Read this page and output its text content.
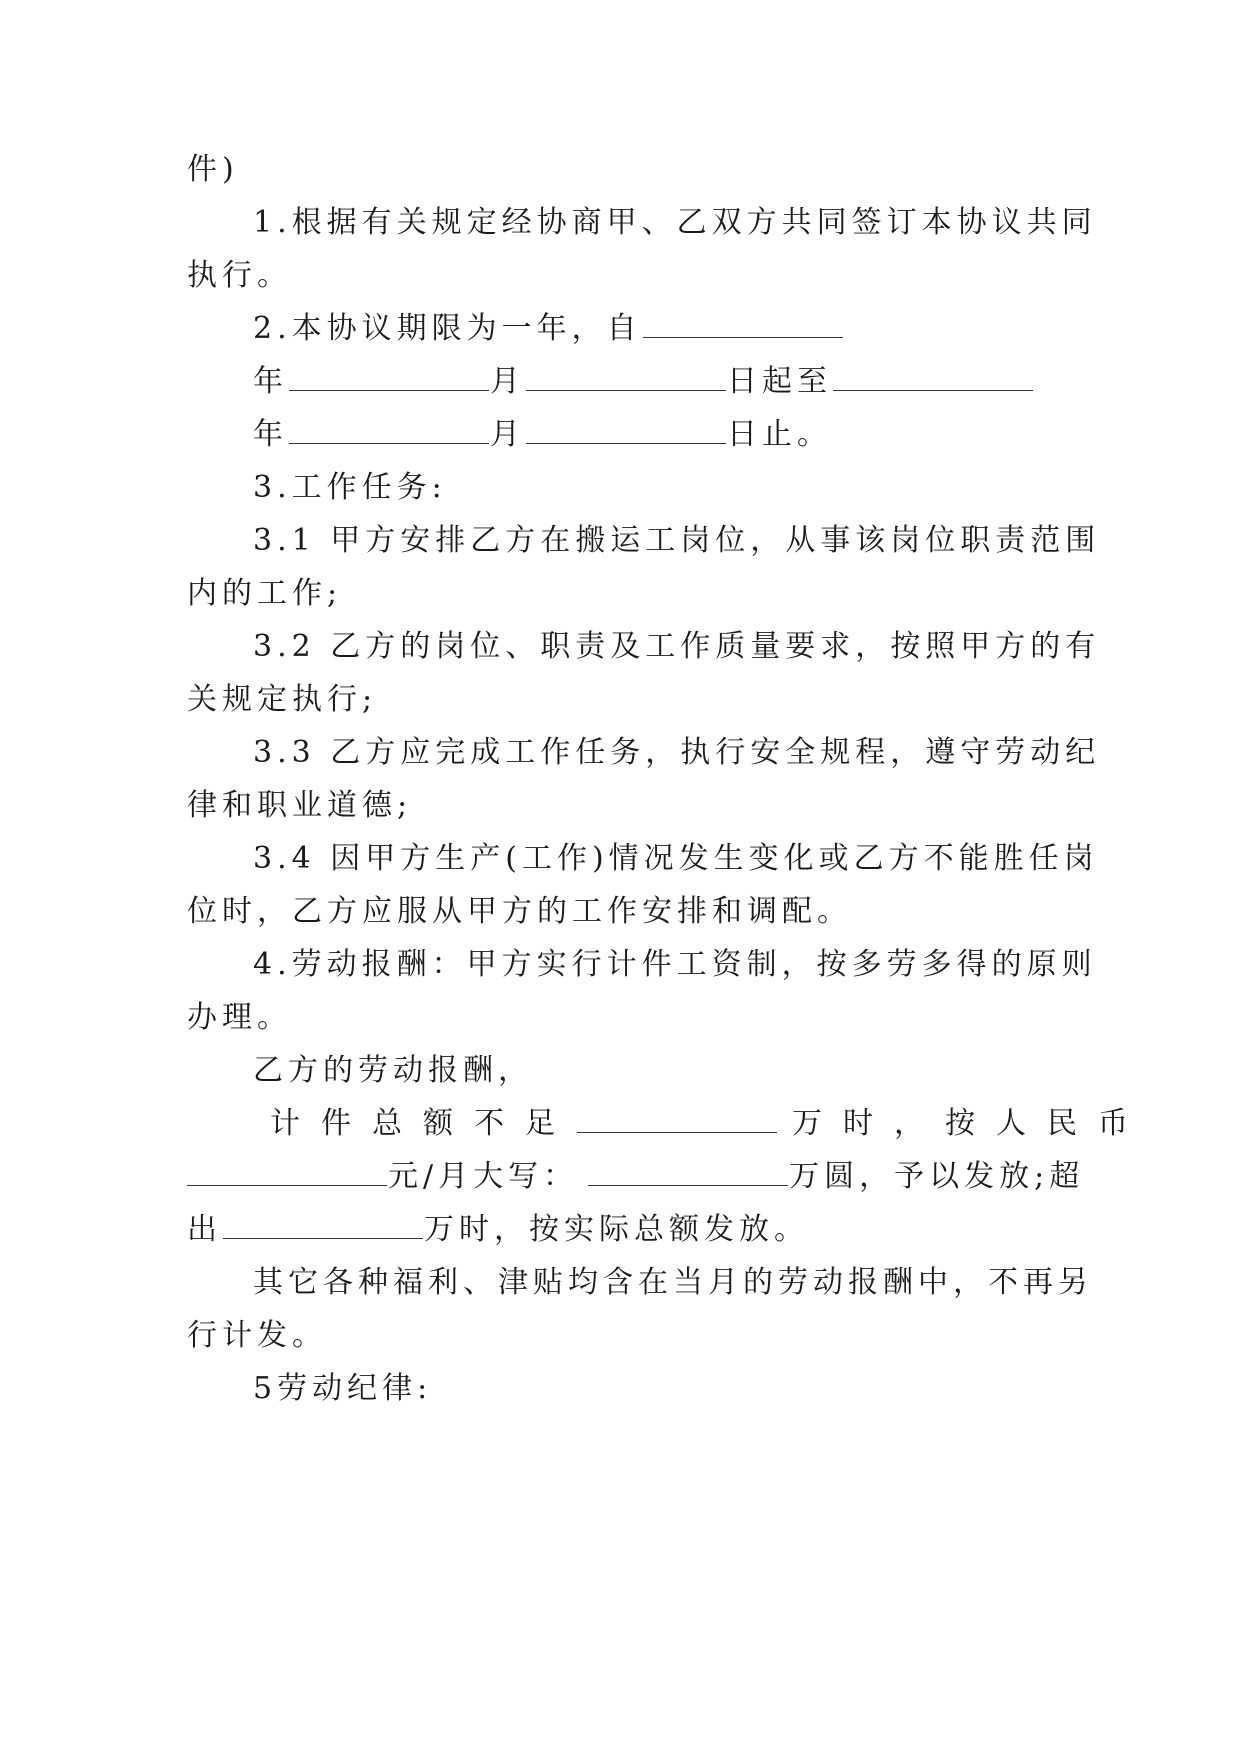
件)
1.根据有关规定经协商甲、乙双方共同签订本协议共同
执行。
2.本协议期限为一年，自
年	月	日起至
年	月	日止。
3.工作任务:
3.1 甲方安排乙方在搬运工岗位，从事该岗位职责范围
内的工作;
3.2 乙方的岗位、职责及工作质量要求，按照甲方的有
关规定执行;
3.3 乙方应完成工作任务，执行安全规程，遵守劳动纪
律和职业道德;
3.4 因甲方生产(工作)情况发生变化或乙方不能胜任岗
位时，乙方应服从甲方的工作安排和调配。
4.劳动报酬：甲方实行计件工资制，按多劳多得的原则
办理。
乙方的劳动报酬，
计件总额不足	万时，按人民币
元/月大写：	万圆，予以发放;超
出	万时，按实际总额发放。
其它各种福利、津贴均含在当月的劳动报酬中，不再另
行计发。
5劳动纪律:
